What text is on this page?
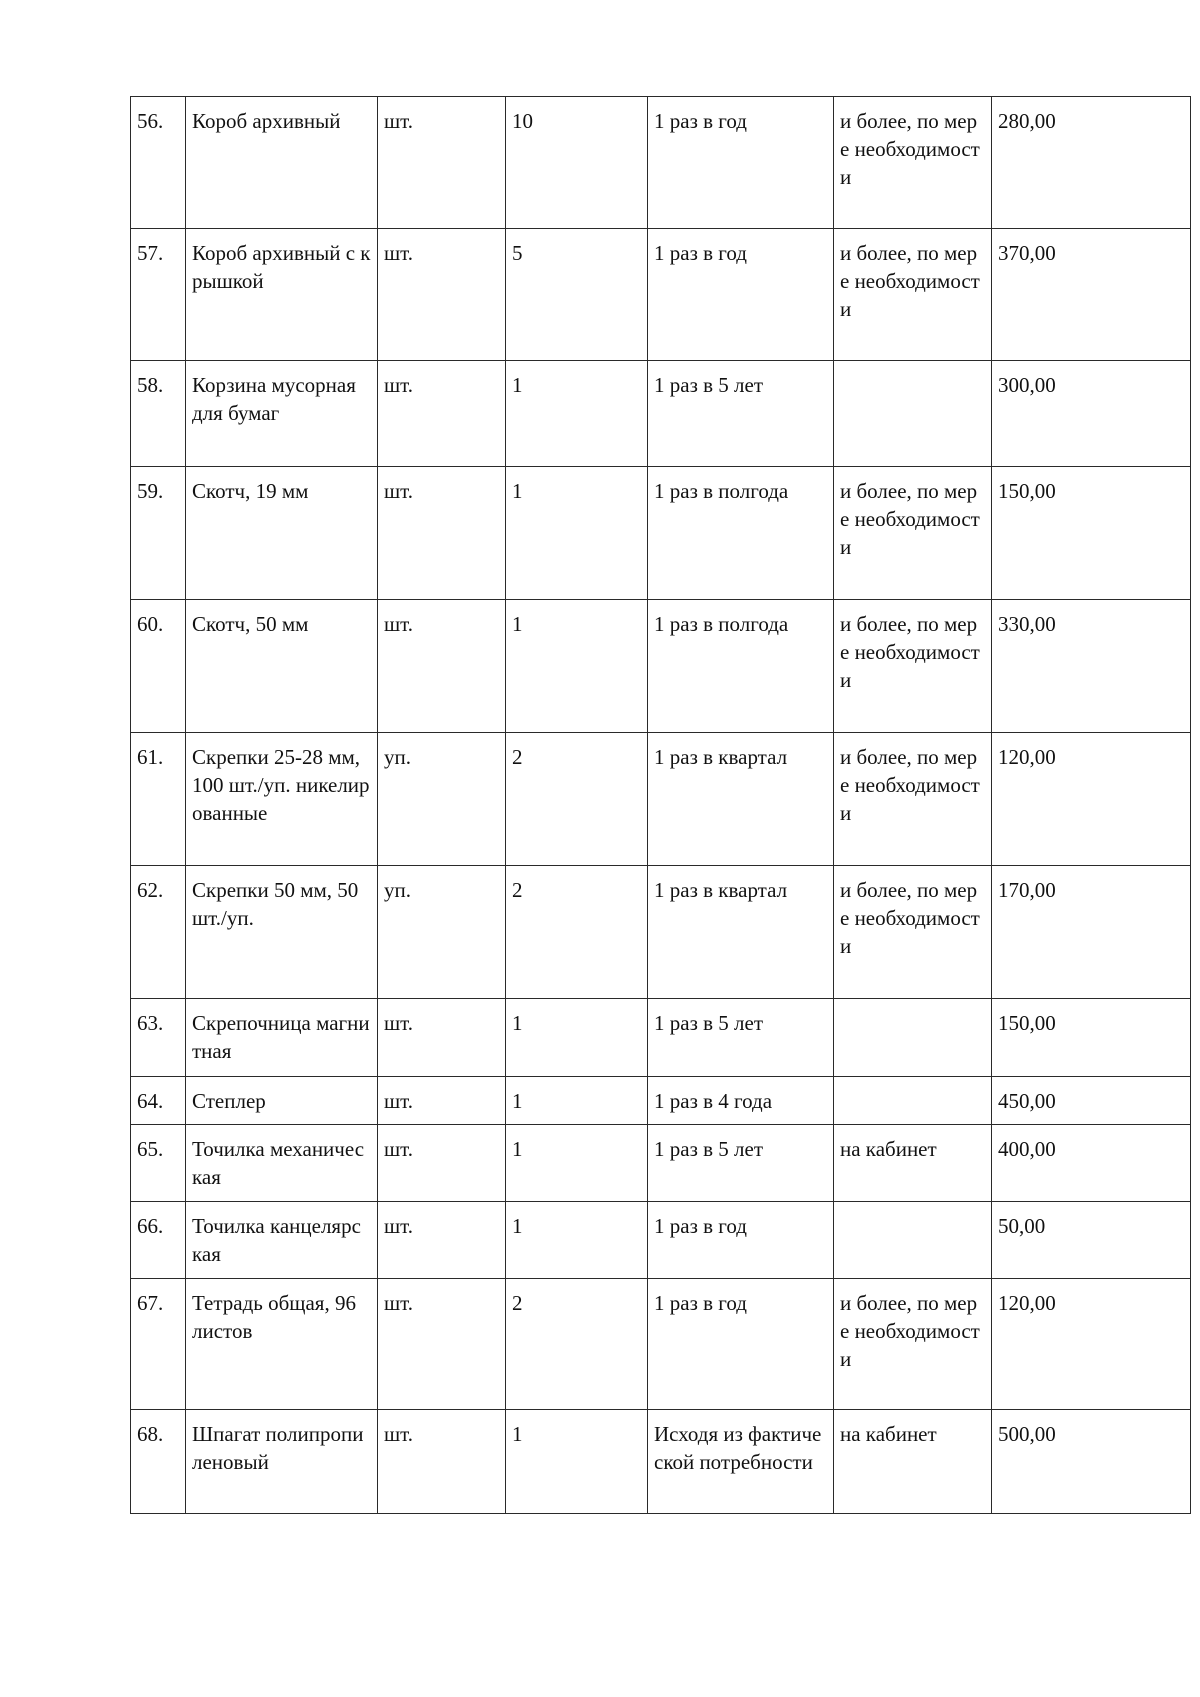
56.	Короб архивный	шт.	10	1 раз в год	и более, по мере необходимости	280,00
57.	Короб архивный с крышкой	шт.	5	1 раз в год	и более, по мере необходимости	370,00
58.	Корзина мусорная для бумаг	шт.	1	1 раз в 5 лет		300,00
59.	Скотч, 19 мм	шт.	1	1 раз в полгода	и более, по мере необходимости	150,00
60.	Скотч, 50 мм	шт.	1	1 раз в полгода	и более, по мере необходимости	330,00
61.	Скрепки 25-28 мм, 100 шт./уп. никелированные	уп.	2	1 раз в квартал	и более, по мере необходимости	120,00
62.	Скрепки 50 мм, 50 шт./уп.	уп.	2	1 раз в квартал	и более, по мере необходимости	170,00
63.	Скрепочница магнитная	шт.	1	1 раз в 5 лет		150,00
64.	Степлер	шт.	1	1 раз в 4 года		450,00
65.	Точилка механическая	шт.	1	1 раз в 5 лет	на кабинет	400,00
66.	Точилка канцелярская	шт.	1	1 раз в год		50,00
67.	Тетрадь общая, 96 листов	шт.	2	1 раз в год	и более, по мере необходимости	120,00
68.	Шпагат полипропиленовый	шт.	1	Исходя из фактической потребности	на кабинет	500,00
